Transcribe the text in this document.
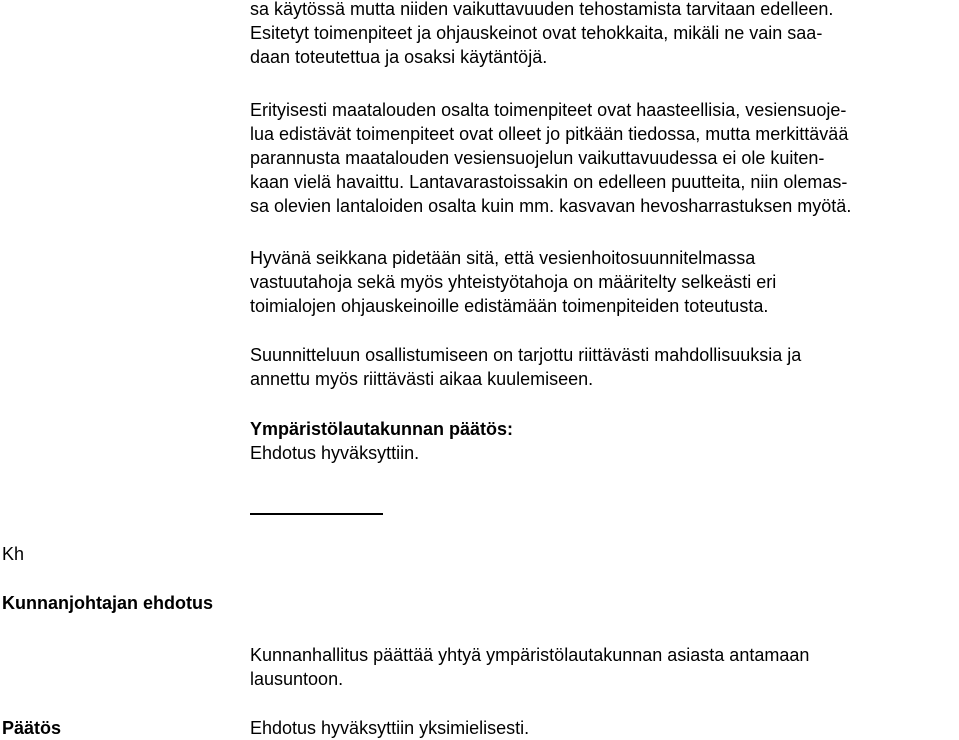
sa käytössä mutta niiden vaikuttavuuden tehostamista tarvitaan edelleen.
Esitetyt toimenpiteet ja ohjauskeinot ovat tehokkaita, mikäli ne vain saa-
daan toteutettua ja osaksi käytäntöjä.
Erityisesti maatalouden osalta toimenpiteet ovat haasteellisia, vesiensuoje-
lua edistävät toimenpiteet ovat olleet jo pitkään tiedossa, mutta merkittävää
parannusta maatalouden vesiensuojelun vaikuttavuudessa ei ole kuiten-
kaan vielä havaittu. Lantavarastoissakin on edelleen puutteita, niin olemas-
sa olevien lantaloiden osalta kuin mm. kasvavan hevosharrastuksen myötä.
Hyvänä seikkana pidetään sitä, että vesienhoitosuunnitelmassa
vastuutahoja sekä myös yhteistyötahoja on määritelty selkeästi eri
toimialojen ohjauskeinoille edistämään toimenpiteiden toteutusta.
Suunnitteluun osallistumiseen on tarjottu riittävästi mahdollisuuksia ja
annettu myös riittävästi aikaa kuulemiseen.
Ympäristölautakunnan päätös:
Ehdotus hyväksyttiin.

Kh

Kunnanjohtajan ehdotus

Kunnanhallitus päättää yhtyä ympäristölautakunnan asiasta antamaan
lausuntoon.

Päätös	Ehdotus hyväksyttiin yksimielisesti.
